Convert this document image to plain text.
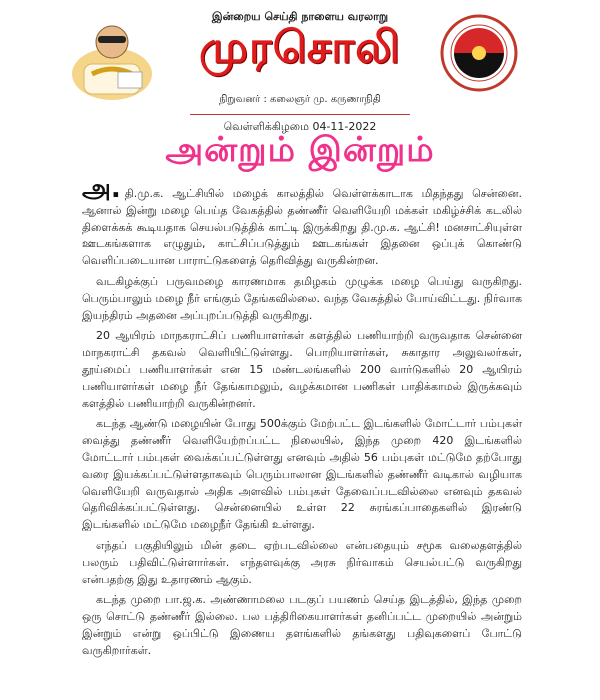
இன்றைய செய்தி நாளைய வரலாறு
முரசொலி
நிறுவனர் : கலைஞர் மு. கருணாநிதி
வெள்ளிக்கிழமை 04-11-2022
அன்றும் இன்றும்

அ. தி.மு.க. ஆட்சியில் மழைக் காலத்தில் வெள்ளக்காடாக மிதந்தது சென்னை. ஆனால் இன்று மழை பெய்த வேகத்தில் தண்ணீர் வெளியேறி மக்கள் மகிழ்ச்சிக் கடலில் திளைக்கக் கூடியதாக செயல்படுத்திக் காட்டி இருக்கிறது தி.மு.க. ஆட்சி! மனசாட்சியுள்ள ஊடகங்களாக எழுதும், காட்சிப்படுத்தும் ஊடகங்கள் இதனை ஒப்புக் கொண்டு வெளிப்படையான பாராட்டுகளைத் தெரிவித்து வருகின்றன.

வடகிழக்குப் பருவமழை காரணமாக தமிழகம் முழுக்க மழை பெய்து வருகிறது. பெரும்பாலும் மழை நீர் எங்கும் தேங்கவில்லை. வந்த வேகத்தில் போய்விட்டது. நிர்வாக இயந்திரம் அதனை அப்புறப்படுத்தி வருகிறது.

20 ஆயிரம் மாநகராட்சிப் பணியாளர்கள் களத்தில் பணியாற்றி வருவதாக சென்னை மாநகராட்சி தகவல் வெளியிட்டுள்ளது. பொறியாளர்கள், சுகாதார அலுவலர்கள், தூய்மைப் பணியாளர்கள் என 15 மண்டலங்களில் 200 வார்டுகளில் 20 ஆயிரம் பணியாளர்கள் மழை நீர் தேங்காமலும், வழக்கமான பணிகள் பாதிக்காமல் இருக்கவும் களத்தில் பணியாற்றி வருகின்றனர்.

கடந்த ஆண்டு மழையின் போது 500க்கும் மேற்பட்ட இடங்களில் மோட்டார் பம்புகள் வைத்து தண்ணீர் வெளியேற்றப்பட்ட நிலையில், இந்த முறை 420 இடங்களில் மோட்டார் பம்புகள் வைக்கப்பட்டுள்ளது எனவும் அதில் 56 பம்புகள் மட்டுமே தற்போது வரை இயக்கப்பட்டுள்ளதாகவும் பெரும்பாலான இடங்களில் தண்ணீர் வடிகால் வழியாக வெளியேறி வருவதால் அதிக அளவில் பம்புகள் தேவைப்படவில்லை எனவும் தகவல் தெரிவிக்கப்பட்டுள்ளது. சென்னையில் உள்ள 22 சுரங்கப்பாதைகளில் இரண்டு இடங்களில் மட்டுமே மழைநீர் தேங்கி உள்ளது.

எந்தப் பகுதியிலும் மின் தடை ஏற்படவில்லை என்பதையும் சமூக வலைதளத்தில் பலரும் பதிவிட்டுள்ளார்கள். எந்தளவுக்கு அரசு நிர்வாகம் செயல்பட்டு வருகிறது என்பதற்கு இது உதாரணம் ஆகும்.

கடந்த முறை பா.ஜ.க. அண்ணாமலை படகுப் பயணம் செய்த இடத்தில், இந்த முறை ஒரு சொட்டு தண்ணீர் இல்லை. பல பத்திரிகையாளர்கள் தனிப்பட்ட முறையில் அன்றும் இன்றும் என்று ஒப்பிட்டு இணைய தளங்களில் தங்களது பதிவுகளைப் போட்டு வருகிறார்கள்.
